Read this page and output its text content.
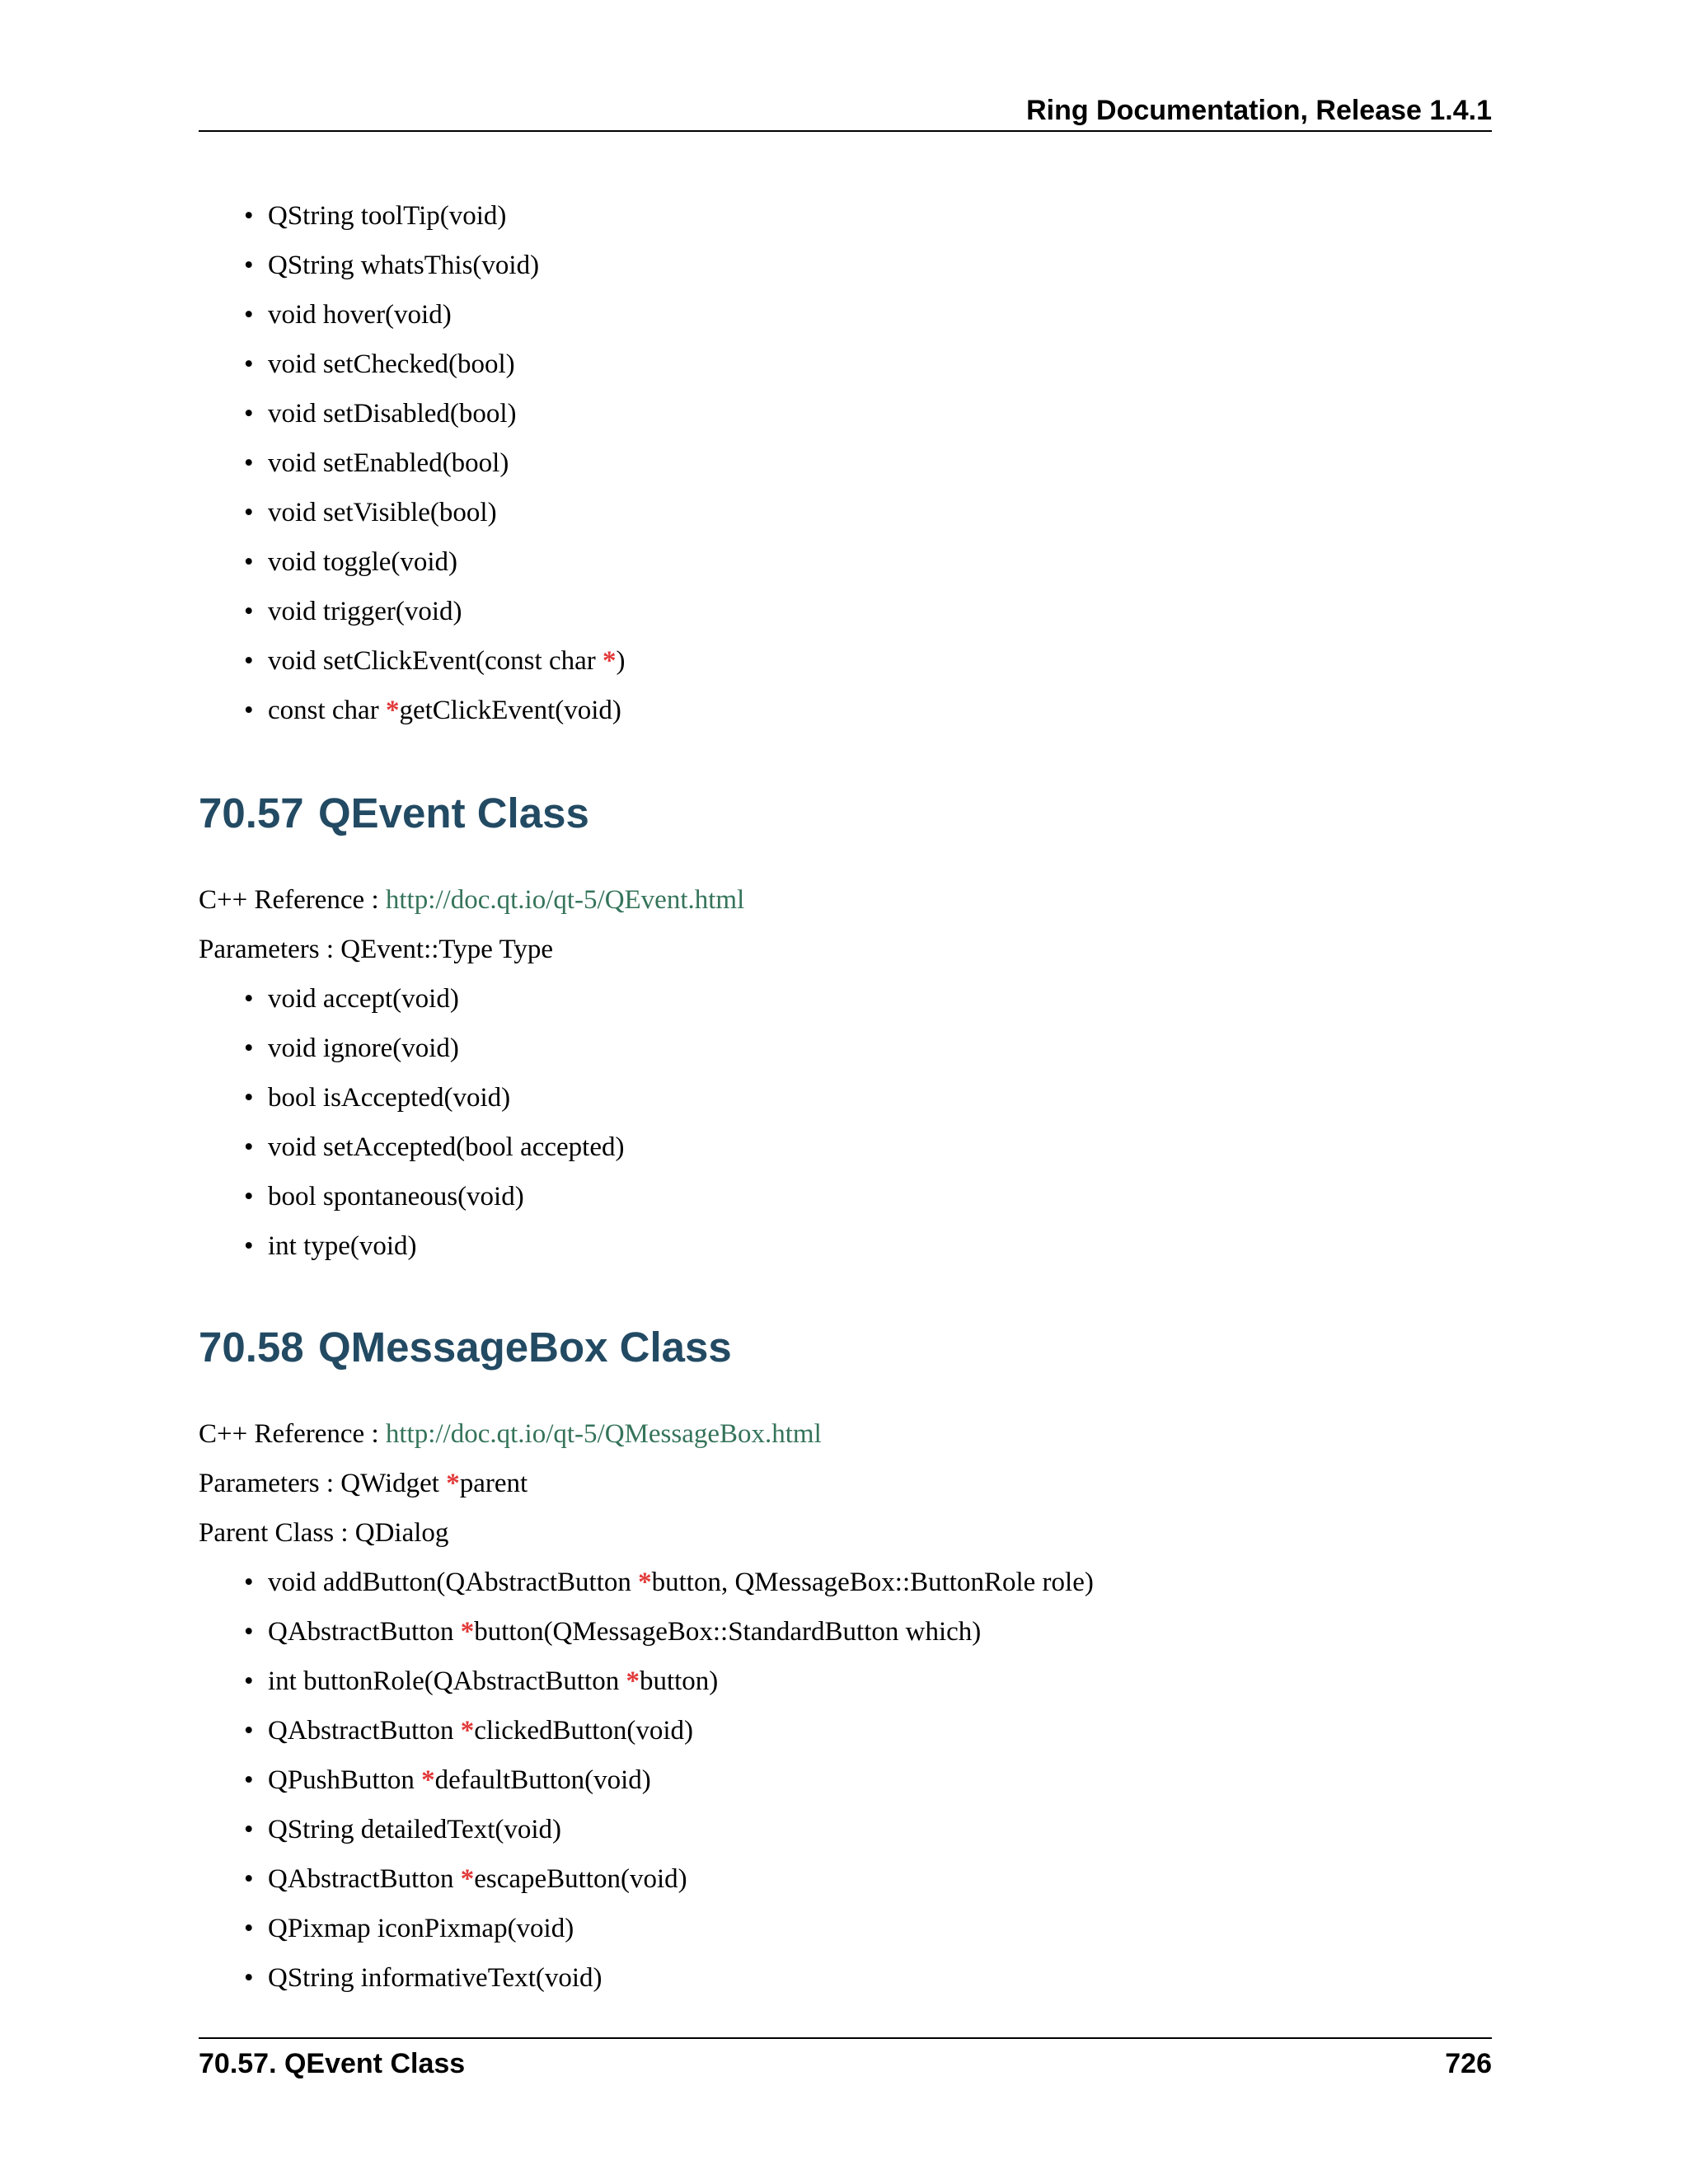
Ring Documentation, Release 1.4.1
• QString toolTip(void)
• QString whatsThis(void)
• void hover(void)
• void setChecked(bool)
• void setDisabled(bool)
• void setEnabled(bool)
• void setVisible(bool)
• void toggle(void)
• void trigger(void)
• void setClickEvent(const char *)
• const char *getClickEvent(void)
70.57 QEvent Class
C++ Reference : http://doc.qt.io/qt-5/QEvent.html
Parameters : QEvent::Type Type
• void accept(void)
• void ignore(void)
• bool isAccepted(void)
• void setAccepted(bool accepted)
• bool spontaneous(void)
• int type(void)
70.58 QMessageBox Class
C++ Reference : http://doc.qt.io/qt-5/QMessageBox.html
Parameters : QWidget *parent
Parent Class : QDialog
• void addButton(QAbstractButton *button, QMessageBox::ButtonRole role)
• QAbstractButton *button(QMessageBox::StandardButton which)
• int buttonRole(QAbstractButton *button)
• QAbstractButton *clickedButton(void)
• QPushButton *defaultButton(void)
• QString detailedText(void)
• QAbstractButton *escapeButton(void)
• QPixmap iconPixmap(void)
• QString informativeText(void)
70.57. QEvent Class	726
